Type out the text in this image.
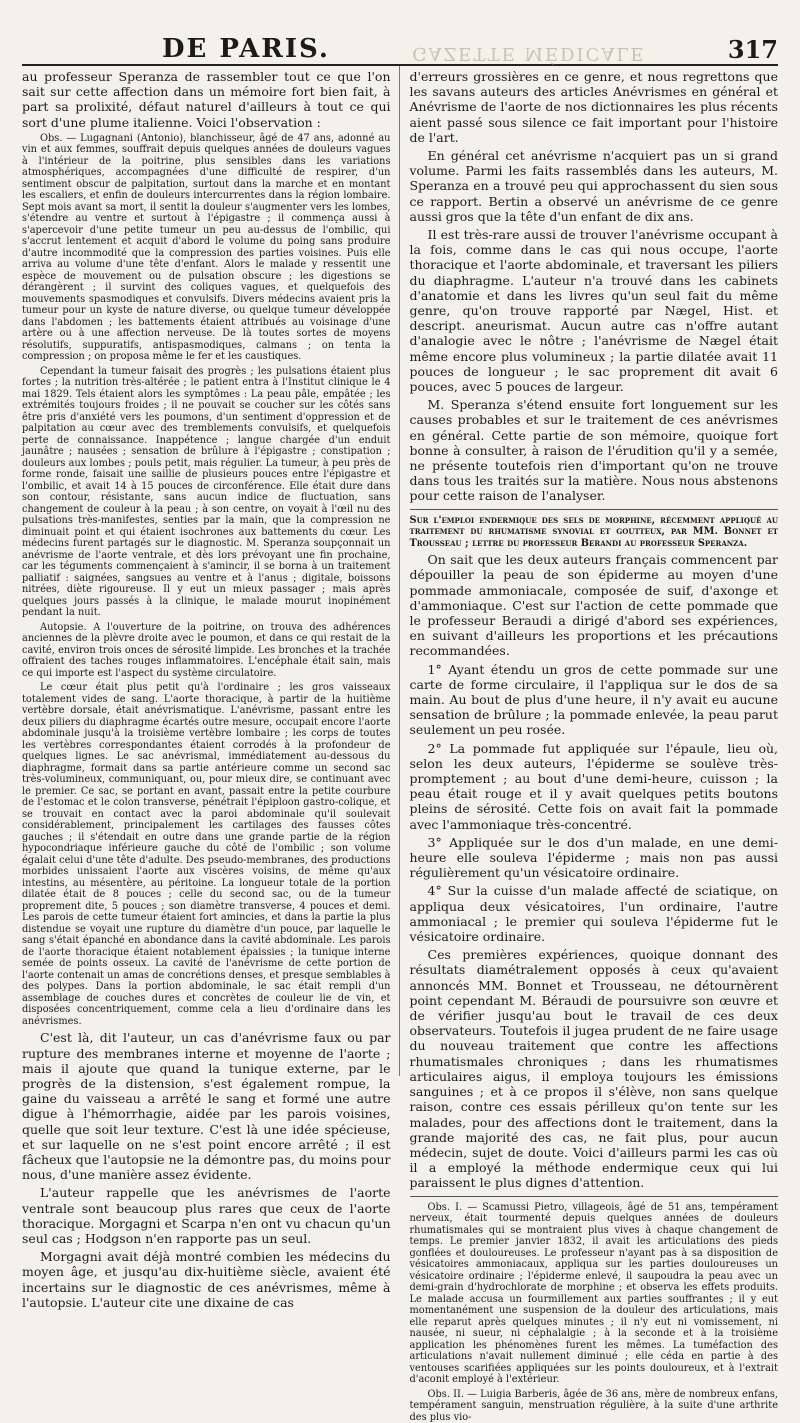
DE PARIS.	GAZETTE MÉDICALE	317

au professeur Speranza de rassembler tout ce que l'on sait sur cette affection dans un mémoire fort bien fait, à part sa prolixité, défaut naturel d'ailleurs à tout ce qui sort d'une plume italienne. Voici l'observation :

Obs. — Lugagnani (Antonio), blanchisseur, âgé de 47 ans, adonné au vin et aux femmes, souffrait depuis quelques années de douleurs vagues à l'intérieur de la poitrine, plus sensibles dans les variations atmosphériques, accompagnées d'une difficulté de respirer, d'un sentiment obscur de palpitation, surtout dans la marche et en montant les escaliers, et enfin de douleurs intercurrentes dans la région lombaire. Sept mois avant sa mort, il sentit la douleur s'augmenter vers les lombes, s'étendre au ventre et surtout à l'épigastre ; il commença aussi à s'apercevoir d'une petite tumeur un peu au-dessus de l'ombilic, qui s'accrut lentement et acquit d'abord le volume du poing sans produire d'autre incommodité que la compression des parties voisines. Puis elle arriva au volume d'une tête d'enfant. Alors le malade y ressentit une espèce de mouvement ou de pulsation obscure ; les digestions se dérangèrent ; il survint des coliques vagues, et quelquefois des mouvements spasmodiques et convulsifs. Divers médecins avaient pris la tumeur pour un kyste de nature diverse, ou quelque tumeur développée dans l'abdomen ; les battements étaient attribués au voisinage d'une artère ou à une affection nerveuse. De là toutes sortes de moyens résolutifs, suppuratifs, antispasmodiques, calmans ; on tenta la compression ; on proposa même le fer et les caustiques.

Cependant la tumeur faisait des progrès ; les pulsations étaient plus fortes ; la nutrition très-altérée ; le patient entra à l'Institut clinique le 4 mai 1829. Tels étaient alors les symptômes : La peau pâle, empâtée ; les extrémités toujours froides ; il ne pouvait se coucher sur les côtés sans être pris d'anxiété vers les poumons, d'un sentiment d'oppression et de palpitation au cœur avec des tremblements convulsifs, et quelquefois perte de connaissance. Inappétence ; langue chargée d'un enduit jaunâtre ; nausées ; sensation de brûlure à l'épigastre ; constipation ; douleurs aux lombes ; pouls petit, mais régulier. La tumeur, à peu près de forme ronde, faisait une saillie de plusieurs pouces entre l'épigastre et l'ombilic, et avait 14 à 15 pouces de circonférence. Elle était dure dans son contour, résistante, sans aucun indice de fluctuation, sans changement de couleur à la peau ; à son centre, on voyait à l'œil nu des pulsations très-manifestes, senties par la main, que la compression ne diminuait point et qui étaient isochrones aux battements du cœur. Les médecins furent partagés sur le diagnostic. M. Speranza soupçonnait un anévrisme de l'aorte ventrale, et dès lors prévoyant une fin prochaine, car les téguments commençaient à s'amincir, il se borna à un traitement palliatif : saignées, sangsues au ventre et à l'anus ; digitale, boissons nitrées, diète rigoureuse. Il y eut un mieux passager ; mais après quelques jours passés à la clinique, le malade mourut inopinément pendant la nuit.

Autopsie. A l'ouverture de la poitrine, on trouva des adhérences anciennes de la plèvre droite avec le poumon, et dans ce qui restait de la cavité, environ trois onces de sérosité limpide. Les bronches et la trachée offraient des taches rouges inflammatoires. L'encéphale était sain, mais ce qui importe est l'aspect du système circulatoire.

Le cœur était plus petit qu'à l'ordinaire ; les gros vaisseaux totalement vides de sang. L'aorte thoracique, à partir de la huitième vertèbre dorsale, était anévrismatique. L'anévrisme, passant entre les deux piliers du diaphragme écartés outre mesure, occupait encore l'aorte abdominale jusqu'à la troisième vertèbre lombaire ; les corps de toutes les vertèbres correspondantes étaient corrodés à la profondeur de quelques lignes. Le sac anévrismal, immédiatement au-dessous du diaphragme, formait dans sa partie antérieure comme un second sac très-volumineux, communiquant, ou, pour mieux dire, se continuant avec le premier. Ce sac, se portant en avant, passait entre la petite courbure de l'estomac et le colon transverse, pénétrait l'épiploon gastro-colique, et se trouvait en contact avec la paroi abdominale qu'il soulevait considérablement, principalement les cartilages des fausses côtes gauches ; il s'étendait en outre dans une grande partie de la région hypocondriaque inférieure gauche du côté de l'ombilic ; son volume égalait celui d'une tête d'adulte. Des pseudo-membranes, des productions morbides unissaient l'aorte aux viscères voisins, de même qu'aux intestins, au mésentère, au péritoine. La longueur totale de la portion dilatée était de 8 pouces ; celle du second sac, ou de la tumeur proprement dite, 5 pouces ; son diamètre transverse, 4 pouces et demi. Les parois de cette tumeur étaient fort amincies, et dans la partie la plus distendue se voyait une rupture du diamètre d'un pouce, par laquelle le sang s'était épanché en abondance dans la cavité abdominale. Les parois de l'aorte thoracique étaient notablement épaissies ; la tunique interne semée de points osseux. La cavité de l'anévrisme de cette portion de l'aorte contenait un amas de concrétions denses, et presque semblables à des polypes. Dans la portion abdominale, le sac était rempli d'un assemblage de couches dures et concrètes de couleur lie de vin, et disposées concentriquement, comme cela a lieu d'ordinaire dans les anévrismes.

C'est là, dit l'auteur, un cas d'anévrisme faux ou par rupture des membranes interne et moyenne de l'aorte ; mais il ajoute que quand la tunique externe, par le progrès de la distension, s'est également rompue, la gaine du vaisseau a arrêté le sang et formé une autre digue à l'hémorrhagie, aidée par les parois voisines, quelle que soit leur texture. C'est là une idée spécieuse, et sur laquelle on ne s'est point encore arrêté ; il est fâcheux que l'autopsie ne la démontre pas, du moins pour nous, d'une manière assez évidente.

L'auteur rappelle que les anévrismes de l'aorte ventrale sont beaucoup plus rares que ceux de l'aorte thoracique. Morgagni et Scarpa n'en ont vu chacun qu'un seul cas ; Hodgson n'en rapporte pas un seul.

Morgagni avait déjà montré combien les médecins du moyen âge, et jusqu'au dix-huitième siècle, avaient été incertains sur le diagnostic de ces anévrismes, même à l'autopsie. L'auteur cite une dixaine de cas

d'erreurs grossières en ce genre, et nous regrettons que les savans auteurs des articles Anévrismes en général et Anévrisme de l'aorte de nos dictionnaires les plus récents aient passé sous silence ce fait important pour l'histoire de l'art.

En général cet anévrisme n'acquiert pas un si grand volume. Parmi les faits rassemblés dans les auteurs, M. Speranza en a trouvé peu qui approchassent du sien sous ce rapport. Bertin a observé un anévrisme de ce genre aussi gros que la tête d'un enfant de dix ans.

Il est très-rare aussi de trouver l'anévrisme occupant à la fois, comme dans le cas qui nous occupe, l'aorte thoracique et l'aorte abdominale, et traversant les piliers du diaphragme. L'auteur n'a trouvé dans les cabinets d'anatomie et dans les livres qu'un seul fait du même genre, qu'on trouve rapporté par Nægel, Hist. et descript. aneurismat. Aucun autre cas n'offre autant d'analogie avec le nôtre ; l'anévrisme de Nægel était même encore plus volumineux ; la partie dilatée avait 11 pouces de longueur ; le sac proprement dit avait 6 pouces, avec 5 pouces de largeur.

M. Speranza s'étend ensuite fort longuement sur les causes probables et sur le traitement de ces anévrismes en général. Cette partie de son mémoire, quoique fort bonne à consulter, à raison de l'érudition qu'il y a semée, ne présente toutefois rien d'important qu'on ne trouve dans tous les traités sur la matière. Nous nous abstenons pour cette raison de l'analyser.

Sur l'emploi endermique des sels de morphine, récemment appliqué au traitement du rhumatisme synovial et goutteux, par MM. Bonnet et Trousseau ; lettre du professeur Berandi au professeur Speranza.

On sait que les deux auteurs français commencent par dépouiller la peau de son épiderme au moyen d'une pommade ammoniacale, composée de suif, d'axonge et d'ammoniaque. C'est sur l'action de cette pommade que le professeur Beraudi a dirigé d'abord ses expériences, en suivant d'ailleurs les proportions et les précautions recommandées.

1° Ayant étendu un gros de cette pommade sur une carte de forme circulaire, il l'appliqua sur le dos de sa main. Au bout de plus d'une heure, il n'y avait eu aucune sensation de brûlure ; la pommade enlevée, la peau parut seulement un peu rosée.

2° La pommade fut appliquée sur l'épaule, lieu où, selon les deux auteurs, l'épiderme se soulève très-promptement ; au bout d'une demi-heure, cuisson ; la peau était rouge et il y avait quelques petits boutons pleins de sérosité. Cette fois on avait fait la pommade avec l'ammoniaque très-concentré.

3° Appliquée sur le dos d'un malade, en une demi-heure elle souleva l'épiderme ; mais non pas aussi régulièrement qu'un vésicatoire ordinaire.

4° Sur la cuisse d'un malade affecté de sciatique, on appliqua deux vésicatoires, l'un ordinaire, l'autre ammoniacal ; le premier qui souleva l'épiderme fut le vésicatoire ordinaire.

Ces premières expériences, quoique donnant des résultats diamétralement opposés à ceux qu'avaient annoncés MM. Bonnet et Trousseau, ne détournèrent point cependant M. Béraudi de poursuivre son œuvre et de vérifier jusqu'au bout le travail de ces deux observateurs. Toutefois il jugea prudent de ne faire usage du nouveau traitement que contre les affections rhumatismales chroniques ; dans les rhumatismes articulaires aigus, il employa toujours les émissions sanguines ; et à ce propos il s'élève, non sans quelque raison, contre ces essais périlleux qu'on tente sur les malades, pour des affections dont le traitement, dans la grande majorité des cas, ne fait plus, pour aucun médecin, sujet de doute. Voici d'ailleurs parmi les cas où il a employé la méthode endermique ceux qui lui paraissent le plus dignes d'attention.

Obs. I. — Scamussi Pietro, villageois, âgé de 51 ans, tempérament nerveux, était tourmenté depuis quelques années de douleurs rhumatismales qui se montraient plus vives à chaque changement de temps. Le premier janvier 1832, il avait les articulations des pieds gonflées et douloureuses. Le professeur n'ayant pas à sa disposition de vésicatoires ammoniacaux, appliqua sur les parties douloureuses un vésicatoire ordinaire ; l'épiderme enlevé, il saupoudra la peau avec un demi-grain d'hydrochlorate de morphine ; et observa les effets produits. Le malade accusa un fourmillement aux parties souffrantes ; il y eut momentanément une suspension de la douleur des articulations, mais elle reparut après quelques minutes ; il n'y eut ni vomissement, ni nausée, ni sueur, ni céphalalgie ; à la seconde et à la troisième application les phénomènes furent les mêmes. La tuméfaction des articulations n'avait nullement diminué ; elle céda en partie à des ventouses scarifiées appliquées sur les points douloureux, et à l'extrait d'aconit employé à l'extérieur.

Obs. II. — Luigia Barberis, âgée de 36 ans, mère de nombreux enfans, tempérament sanguin, menstruation régulière, à la suite d'une arthrite des plus vio-
